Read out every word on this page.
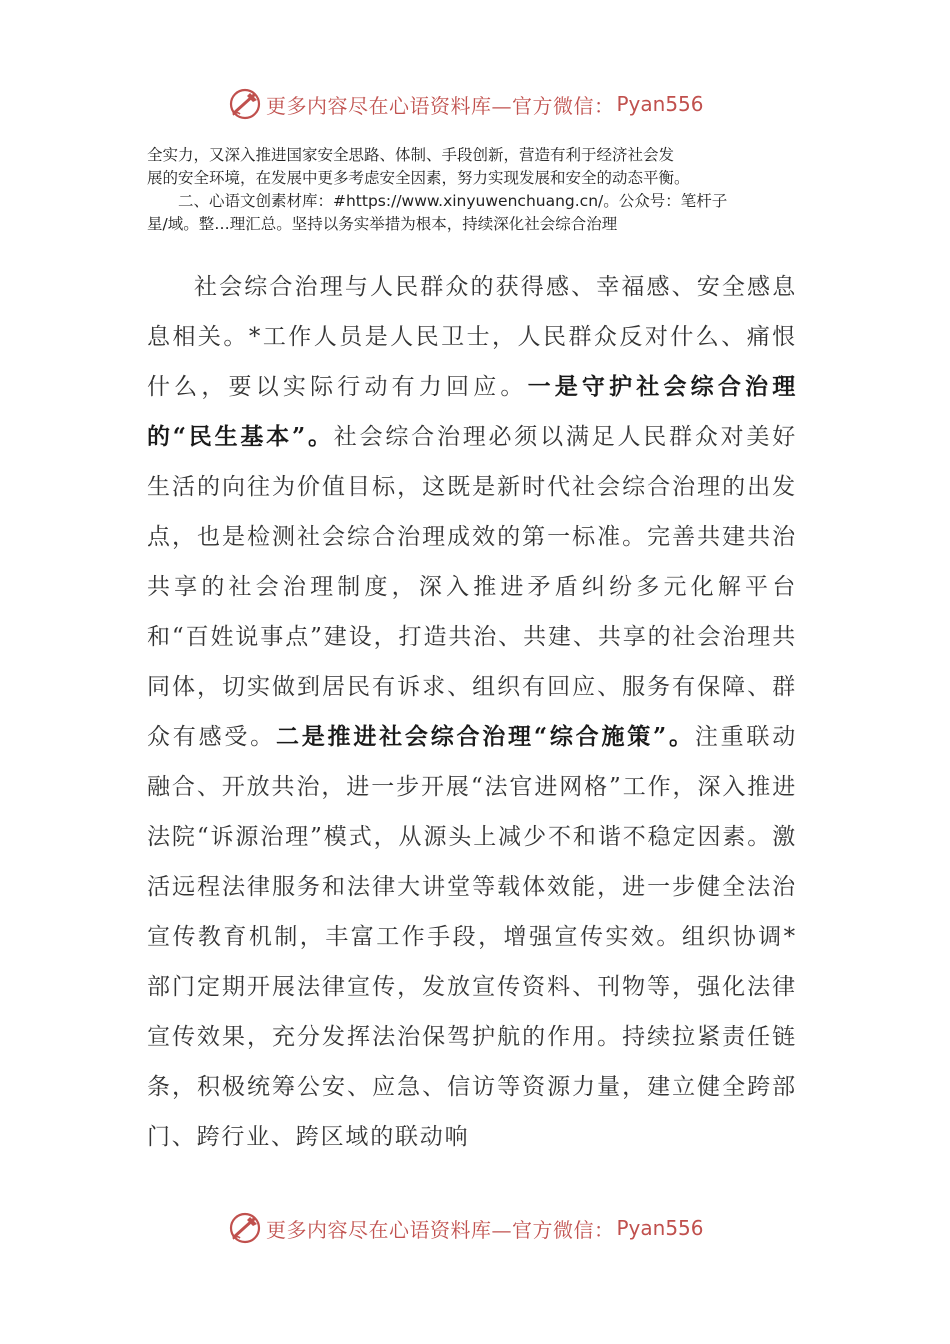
更多内容尽在心语资料库—官方微信： Pyan556

全实力，又深入推进国家安全思路、体制、手段创新，营造有利于经济社会发

展的安全环境，在发展中更多考虑安全因素，努力实现发展和安全的动态平衡。

二、心语文创素材库：#https://www.xinyuwenchuang.cn/。公众号：笔杆子

星/域。整…理汇总。坚持以务实举措为根本，持续深化社会综合治理

社会综合治理与人民群众的获得感、幸福感、安全感息息相关。*工作人员是人民卫士，人民群众反对什么、痛恨什么，要以实际行动有力回应。一是守护社会综合治理的“民生基本”。社会综合治理必须以满足人民群众对美好生活的向往为价值目标，这既是新时代社会综合治理的出发点，也是检测社会综合治理成效的第一标准。完善共建共治共享的社会治理制度，深入推进矛盾纠纷多元化解平台和“百姓说事点”建设，打造共治、共建、共享的社会治理共同体，切实做到居民有诉求、组织有回应、服务有保障、群众有感受。二是推进社会综合治理“综合施策”。注重联动融合、开放共治，进一步开展“法官进网格”工作，深入推进法院“诉源治理”模式，从源头上减少不和谐不稳定因素。激活远程法律服务和法律大讲堂等载体效能，进一步健全法治宣传教育机制，丰富工作手段，增强宣传实效。组织协调*部门定期开展法律宣传，发放宣传资料、刊物等，强化法律宣传效果，充分发挥法治保驾护航的作用。持续拉紧责任链条，积极统筹公安、应急、信访等资源力量，建立健全跨部门、跨行业、跨区域的联动响

更多内容尽在心语资料库—官方微信： Pyan556
